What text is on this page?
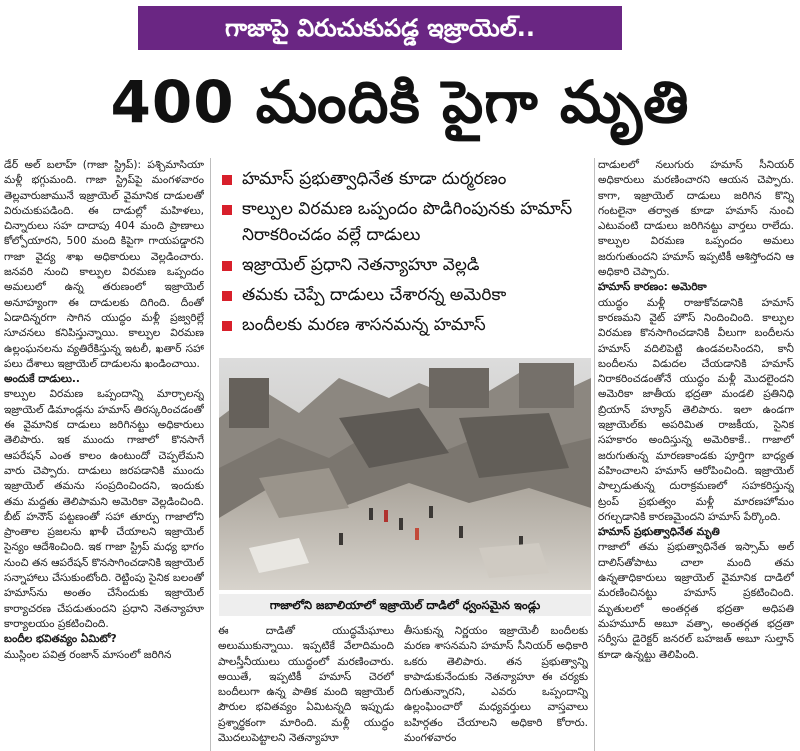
గాజాపై విరుచుకుపడ్డ ఇజ్రాయెల్..
400 మందికి పైగా మృతి

డేర్ అల్ బలాహ్ (గాజా స్ట్రిప్): పశ్చిమాసియా మళ్లీ భగ్గుమంది. గాజా స్ట్రిప్‌పై మంగళవారం తెల్లవారుజామునే ఇజ్రాయెల్ వైమానిక దాడులతో విరుచుకుపడింది. ఈ దాడుల్లో మహిళలు, చిన్నారులు సహ దాదాపు 404 మంది ప్రాణాలు కోల్పోయారని, 500 మంది కిపైగా గాయపడ్డారని గాజా వైద్య శాఖ అధికారులు వెల్లడించారు. జనవరి నుంచి కాల్పుల విరమణ ఒప్పందం అమలులో ఉన్న తరుణంలో ఇజ్రాయెల్ అనూహ్యంగా ఈ దాడులకు దిగింది. దీంతో ఏడాదిన్నరగా సాగిన యుద్ధం మళ్లీ ప్రజ్వరిల్లే సూచనలు కనిపిస్తున్నాయి. కాల్పుల విరమణ ఉల్లంఘనలను వ్యతిరేకిస్తున్న ఇటలీ, ఖతార్ సహా పలు దేశాలు ఇజ్రాయెల్ దాడులను ఖండించాయి.

అందుకే దాడులు..

కాల్పుల విరమణ ఒప్పందాన్ని మార్చాలన్న ఇజ్రాయెల్ డిమాండ్లను హమాస్ తిరస్కరించడంతో ఈ వైమానిక దాడులు జరిగినట్టు అధికారులు తెలిపారు. ఇక ముందు గాజాలో కొనసాగే ఆపరేషన్ ఎంత కాలం ఉంటుందో చెప్పలేమని వారు చెప్పారు. దాడులు జరపడానికి ముందు ఇజ్రాయెల్ తమను సంప్రదించిందని, ఇందుకు తమ మద్దతు తెలిపామని అమెరికా వెల్లడించింది. బీట్ హనౌన్ పట్టణంతో సహా తూర్పు గాజాలోని ప్రాంతాల ప్రజలను ఖాళీ చేయాలని ఇజ్రాయెల్ సైన్యం ఆదేశించింది. ఇక గాజా స్ట్రిప్ మధ్య భాగం నుంచి తన ఆపరేషన్ కొనసాగించడానికి ఇజ్రాయెల్ సన్నాహాలు చేసుకుంటోంది. రెట్టింపు సైనిక బలంతో హమాస్‌ను అంతం చేసేందుకు ఇజ్రాయెల్ కార్యాచరణ చేపడుతుందని ప్రధాని నెతన్యాహూ కార్యాలయం ప్రకటించింది.

బందీల భవితవ్యం ఏమిటో?

ముస్లింల పవిత్ర రంజాన్ మాసంలో జరిగిన

హమాస్ ప్రభుత్వాధినేత కూడా దుర్మరణం
కాల్పుల విరమణ ఒప్పందం పొడిగింపునకు హమాస్ నిరాకరించడం వల్లే దాడులు
ఇజ్రాయెల్ ప్రధాని నెతన్యాహూ వెల్లడి
తమకు చెప్పే దాడులు చేశారన్న అమెరికా
బందీలకు మరణ శాసనమన్న హమాస్
గాజాలోని జబాలియాలో ఇజ్రాయెల్ దాడిలో ధ్వంసమైన ఇండ్లు

ఈ దాడితో యుద్ధమేఘాలు అలుముకున్నాయి. ఇప్పటికే వేలాదిమంది పాలస్తీనీయులు యుద్ధంలో మరణించారు. అయితే, ఇప్పటికీ హమాస్ చెరలో బందీలుగా ఉన్న పాతిక మంది ఇజ్రాయెల్ పౌరుల భవితవ్యం ఏమిటన్నది ఇప్పుడు ప్రశ్నార్థకంగా మారింది. మళ్లీ యుద్ధం మొదలుపెట్టాలని నెతన్యాహూ

తీసుకున్న నిర్ణయం ఇజ్రాయెలీ బందీలకు మరణ శాసనమని హమాస్ సీనియర్ అధికారి ఒకరు తెలిపారు. తన ప్రభుత్వాన్ని కాపాడుకునేందుకు నెతన్యాహూ ఈ చర్యకు దిగుతున్నారని, ఎవరు ఒప్పందాన్ని ఉల్లంఘించారో మధ్యవర్తులు వాస్తవాలు బహిర్గతం చేయాలని అధికారి కోరారు. మంగళవారం

దాడులలో నలుగురు హమాస్ సీనియర్ అధికారులు మరణించారని ఆయన చెప్పారు. కాగా, ఇజ్రాయెల్ దాడులు జరిగిన కొన్ని గంటలైనా తర్వాత కూడా హమాస్ నుంచి ఎటువంటి దాడులు జరిగినట్టు వార్తలు రాలేదు. కాల్పుల విరమణ ఒప్పందం అమలు జరుగుతుందని హమాస్ ఇప్పటికీ ఆశిస్తోందని ఆ అధికారి చెప్పారు.

హమాస్ కారణం: అమెరికా

యుద్ధం మళ్లీ రాజుకోవడానికి హమాస్ కారణమని వైట్ హౌస్ నిందించింది. కాల్పుల విరమణ కొనసాగించడానికి వీలుగా బందీలను హమాస్ వదిలిపెట్టి ఉండవలసిందని, కానీ బందీలను విడుదల చేయడానికి హమాస్ నిరాకరించడంతోనే యుద్ధం మళ్లీ మొదలైందని అమెరికా జాతీయ భద్రతా మండలి ప్రతినిధి బ్రియాన్ హ్యూస్ తెలిపారు. ఇలా ఉండగా ఇజ్రాయెల్‌కు అపరిమిత రాజకీయ, సైనిక సహకారం అందిస్తున్న అమెరికాకే.. గాజాలో జరుగుతున్న మారణకాండకు పూర్తిగా బాధ్యత వహించాలని హమాస్ ఆరోపించింది. ఇజ్రాయెల్ పాల్పడుతున్న దురాక్రమణలో సహకరిస్తున్న ట్రంప్ ప్రభుత్వం మళ్లీ మారణహోమం రగల్చడానికి కారణమైందని హమాస్ పేర్కొంది.

హమాస్ ప్రభుత్వాధినేత మృతి

గాజాలో తమ ప్రభుత్వాధినేత ఇస్సామ్ అల్ దాలిస్‌తోపాటు చాలా మంది తమ ఉన్నతాధికారులు ఇజ్రాయెల్ వైమానిక దాడిలో మరణించినట్టు హమాస్ ప్రకటించింది. మృతులలో అంతర్గత భద్రతా అధిపతి మహమూద్ అబూ వత్ఫా, అంతర్గత భద్రతా సర్వీసు డైరెక్టర్ జనరల్ బహజత్ అబూ సుల్తాన్ కూడా ఉన్నట్టు తెలిపింది.
